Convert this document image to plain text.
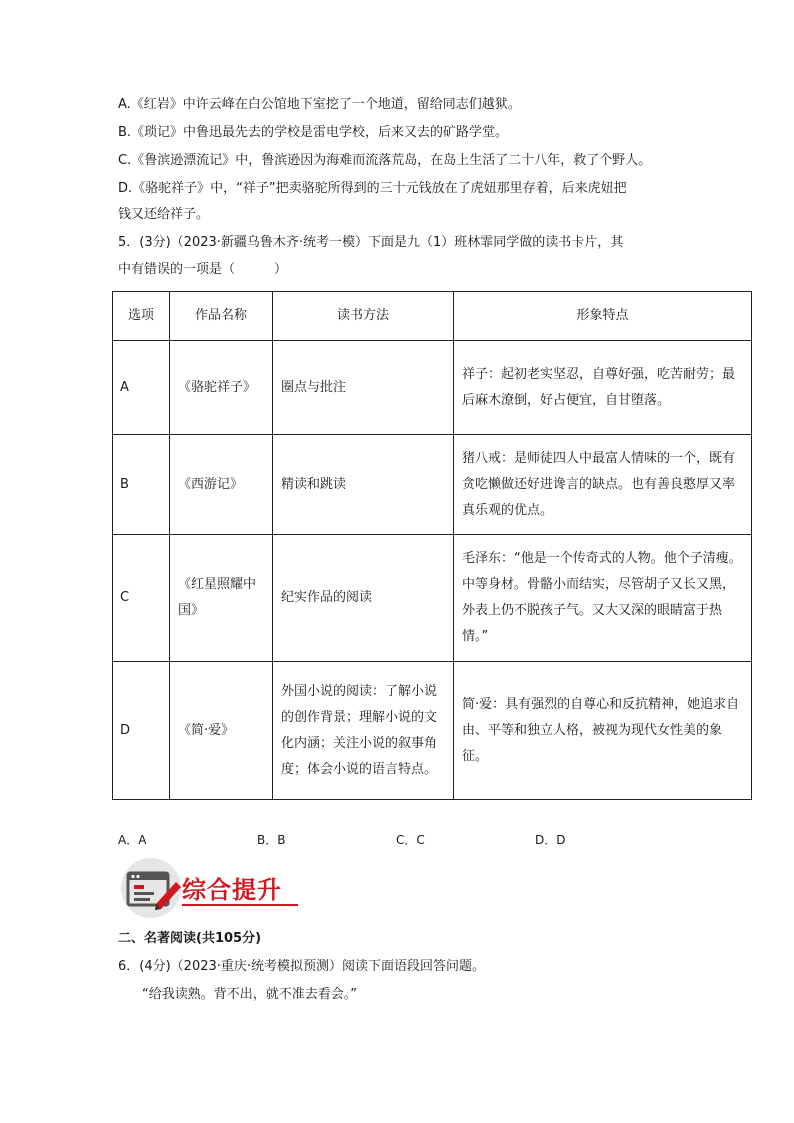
A.《红岩》中许云峰在白公馆地下室挖了一个地道，留给同志们越狱。
B.《琐记》中鲁迅最先去的学校是雷电学校，后来又去的矿路学堂。
C.《鲁滨逊漂流记》中，鲁滨逊因为海难而流落荒岛，在岛上生活了二十八年，救了个野人。
D.《骆驼祥子》中，“祥子”把卖骆驼所得到的三十元钱放在了虎妞那里存着，后来虎妞把
钱又还给祥子。
5．(3分)（2023·新疆乌鲁木齐·统考一模）下面是九（1）班林霏同学做的读书卡片，其
中有错误的一项是（　　　）
选项	作品名称	读书方法	形象特点
A	《骆驼祥子》	圈点与批注	祥子：起初老实坚忍，自尊好强，吃苦耐劳；最后麻木潦倒，好占便宜，自甘堕落。
B	《西游记》	精读和跳读	猪八戒：是师徒四人中最富人情味的一个，既有贪吃懒做还好进谗言的缺点。也有善良憨厚又率真乐观的优点。
C	《红星照耀中国》	纪实作品的阅读	毛泽东：“他是一个传奇式的人物。他个子清瘦。中等身材。骨骼小而结实，尽管胡子又长又黑，外表上仍不脱孩子气。又大又深的眼睛富于热情。”
D	《简·爱》	外国小说的阅读：了解小说的创作背景；理解小说的文化内涵；关注小说的叙事角度；体会小说的语言特点。	简·爱：具有强烈的自尊心和反抗精神，她追求自由、平等和独立人格，被视为现代女性美的象征。
A．A	B．B	C．C	D．D
综合提升
二、名著阅读(共105分)
6．(4分)（2023·重庆·统考模拟预测）阅读下面语段回答问题。
“给我读熟。背不出，就不准去看会。”
